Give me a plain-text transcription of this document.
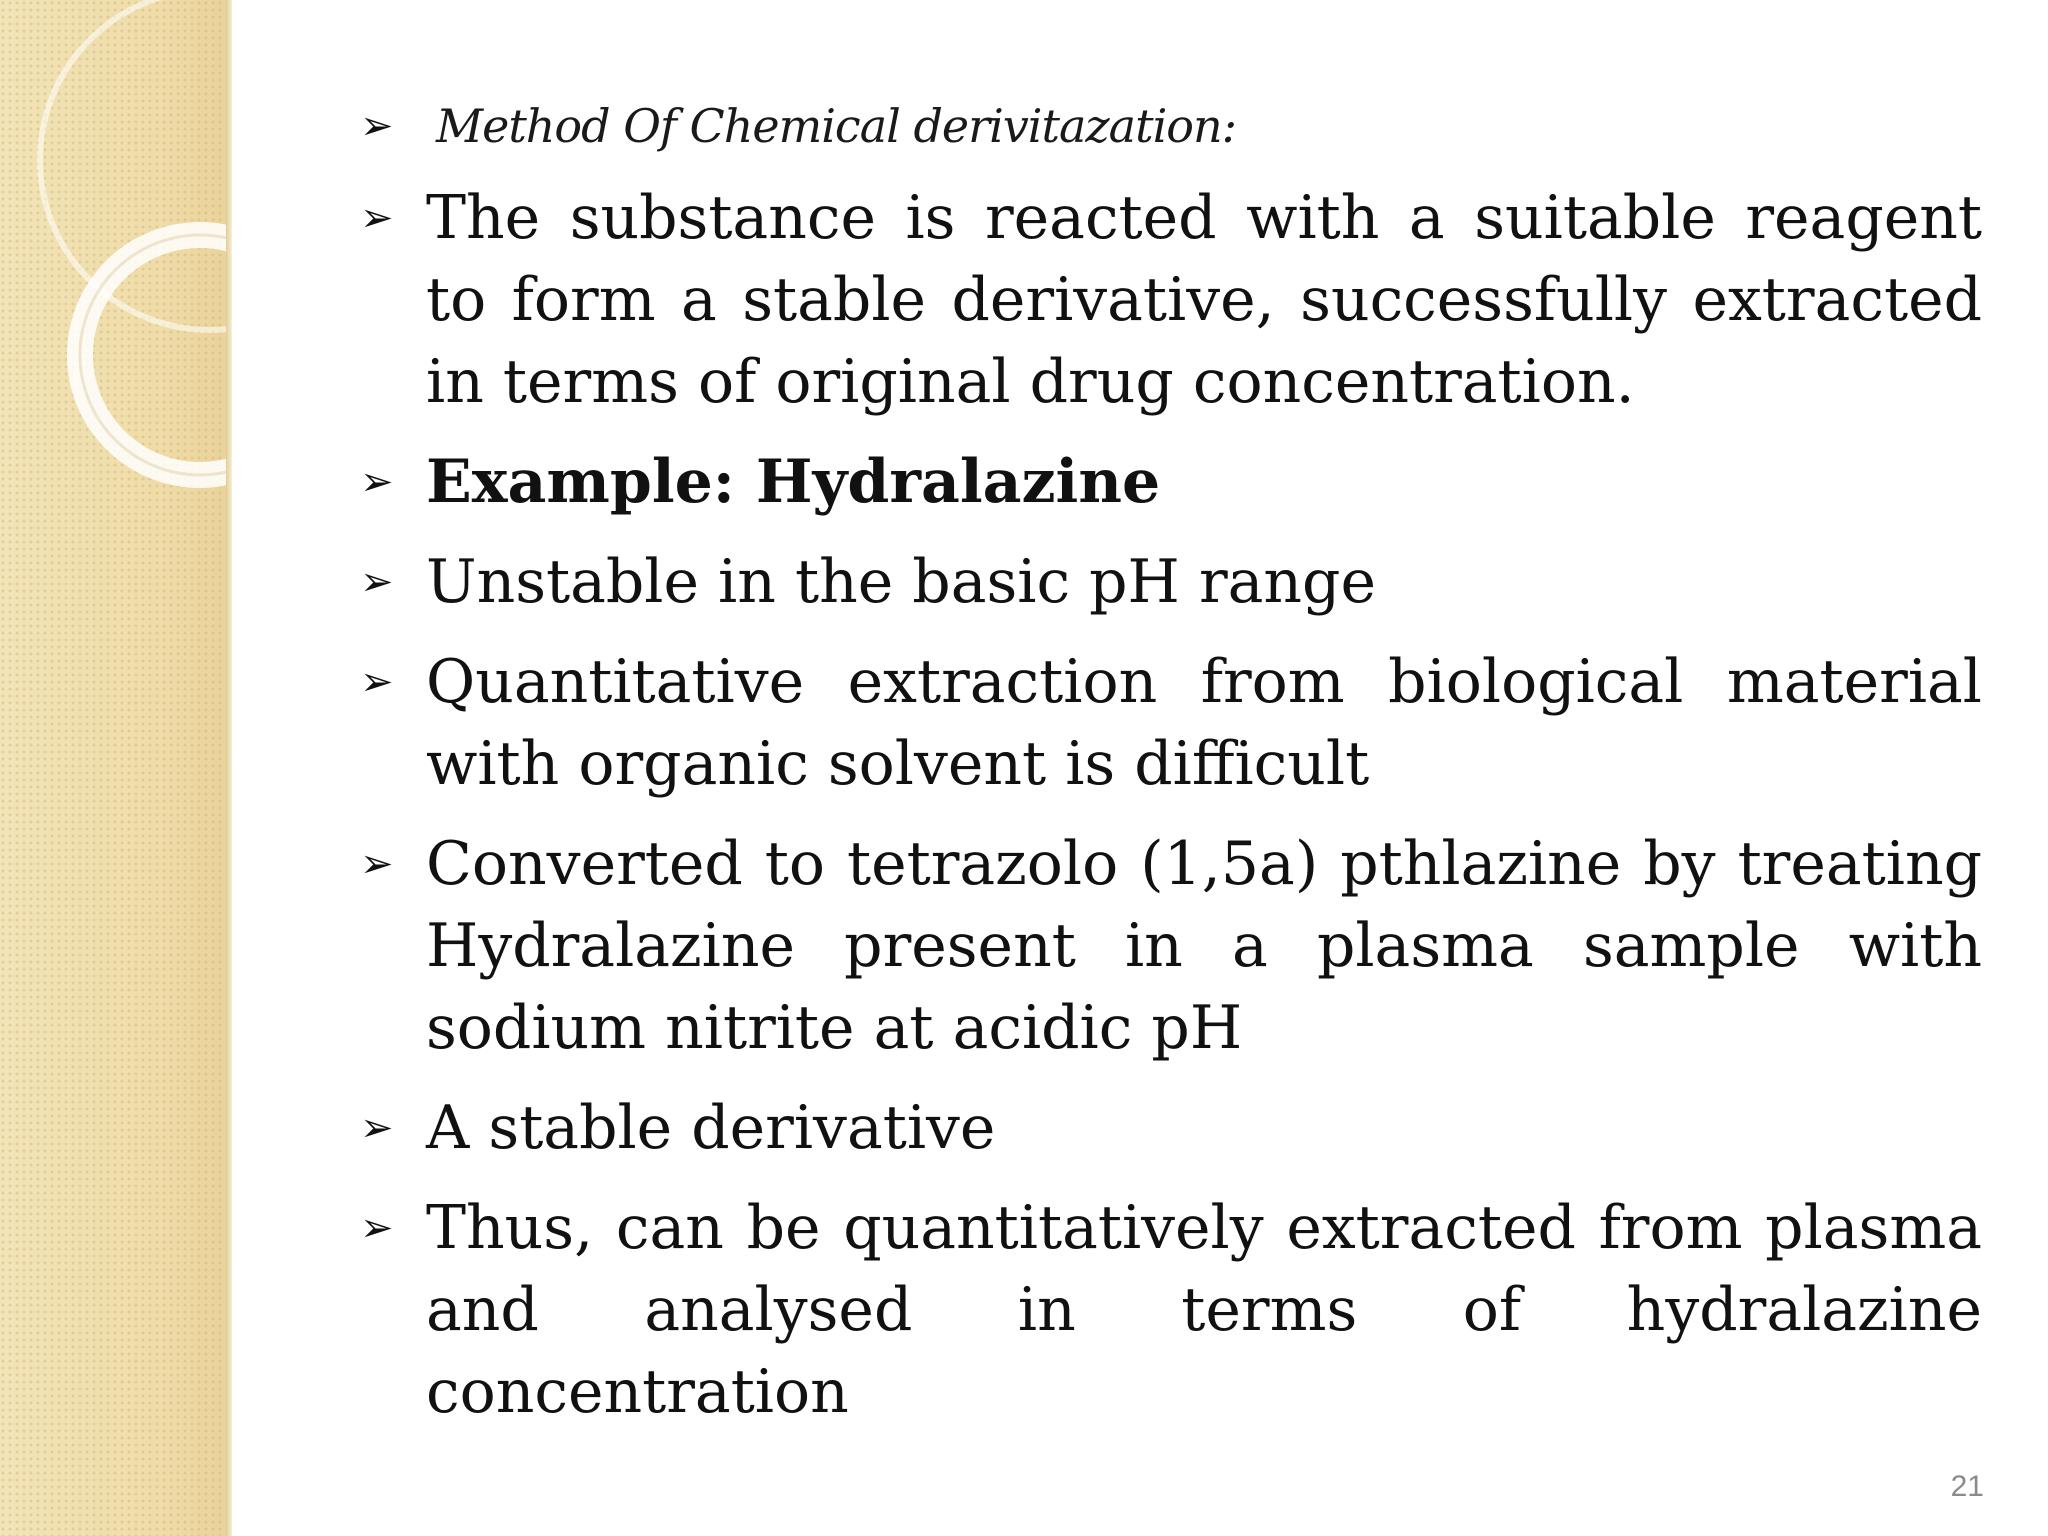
➢ Method Of Chemical derivitazation:
➢ The substance is reacted with a suitable reagent to form a stable derivative, successfully extracted in terms of original drug concentration.
➢ Example: Hydralazine
➢ Unstable in the basic pH range
➢ Quantitative extraction from biological material with organic solvent is difficult
➢ Converted to tetrazolo (1,5a) pthlazine by treating Hydralazine present in a plasma sample with sodium nitrite at acidic pH
➢ A stable derivative
➢ Thus, can be quantitatively extracted from plasma and analysed in terms of hydralazine concentration
21
